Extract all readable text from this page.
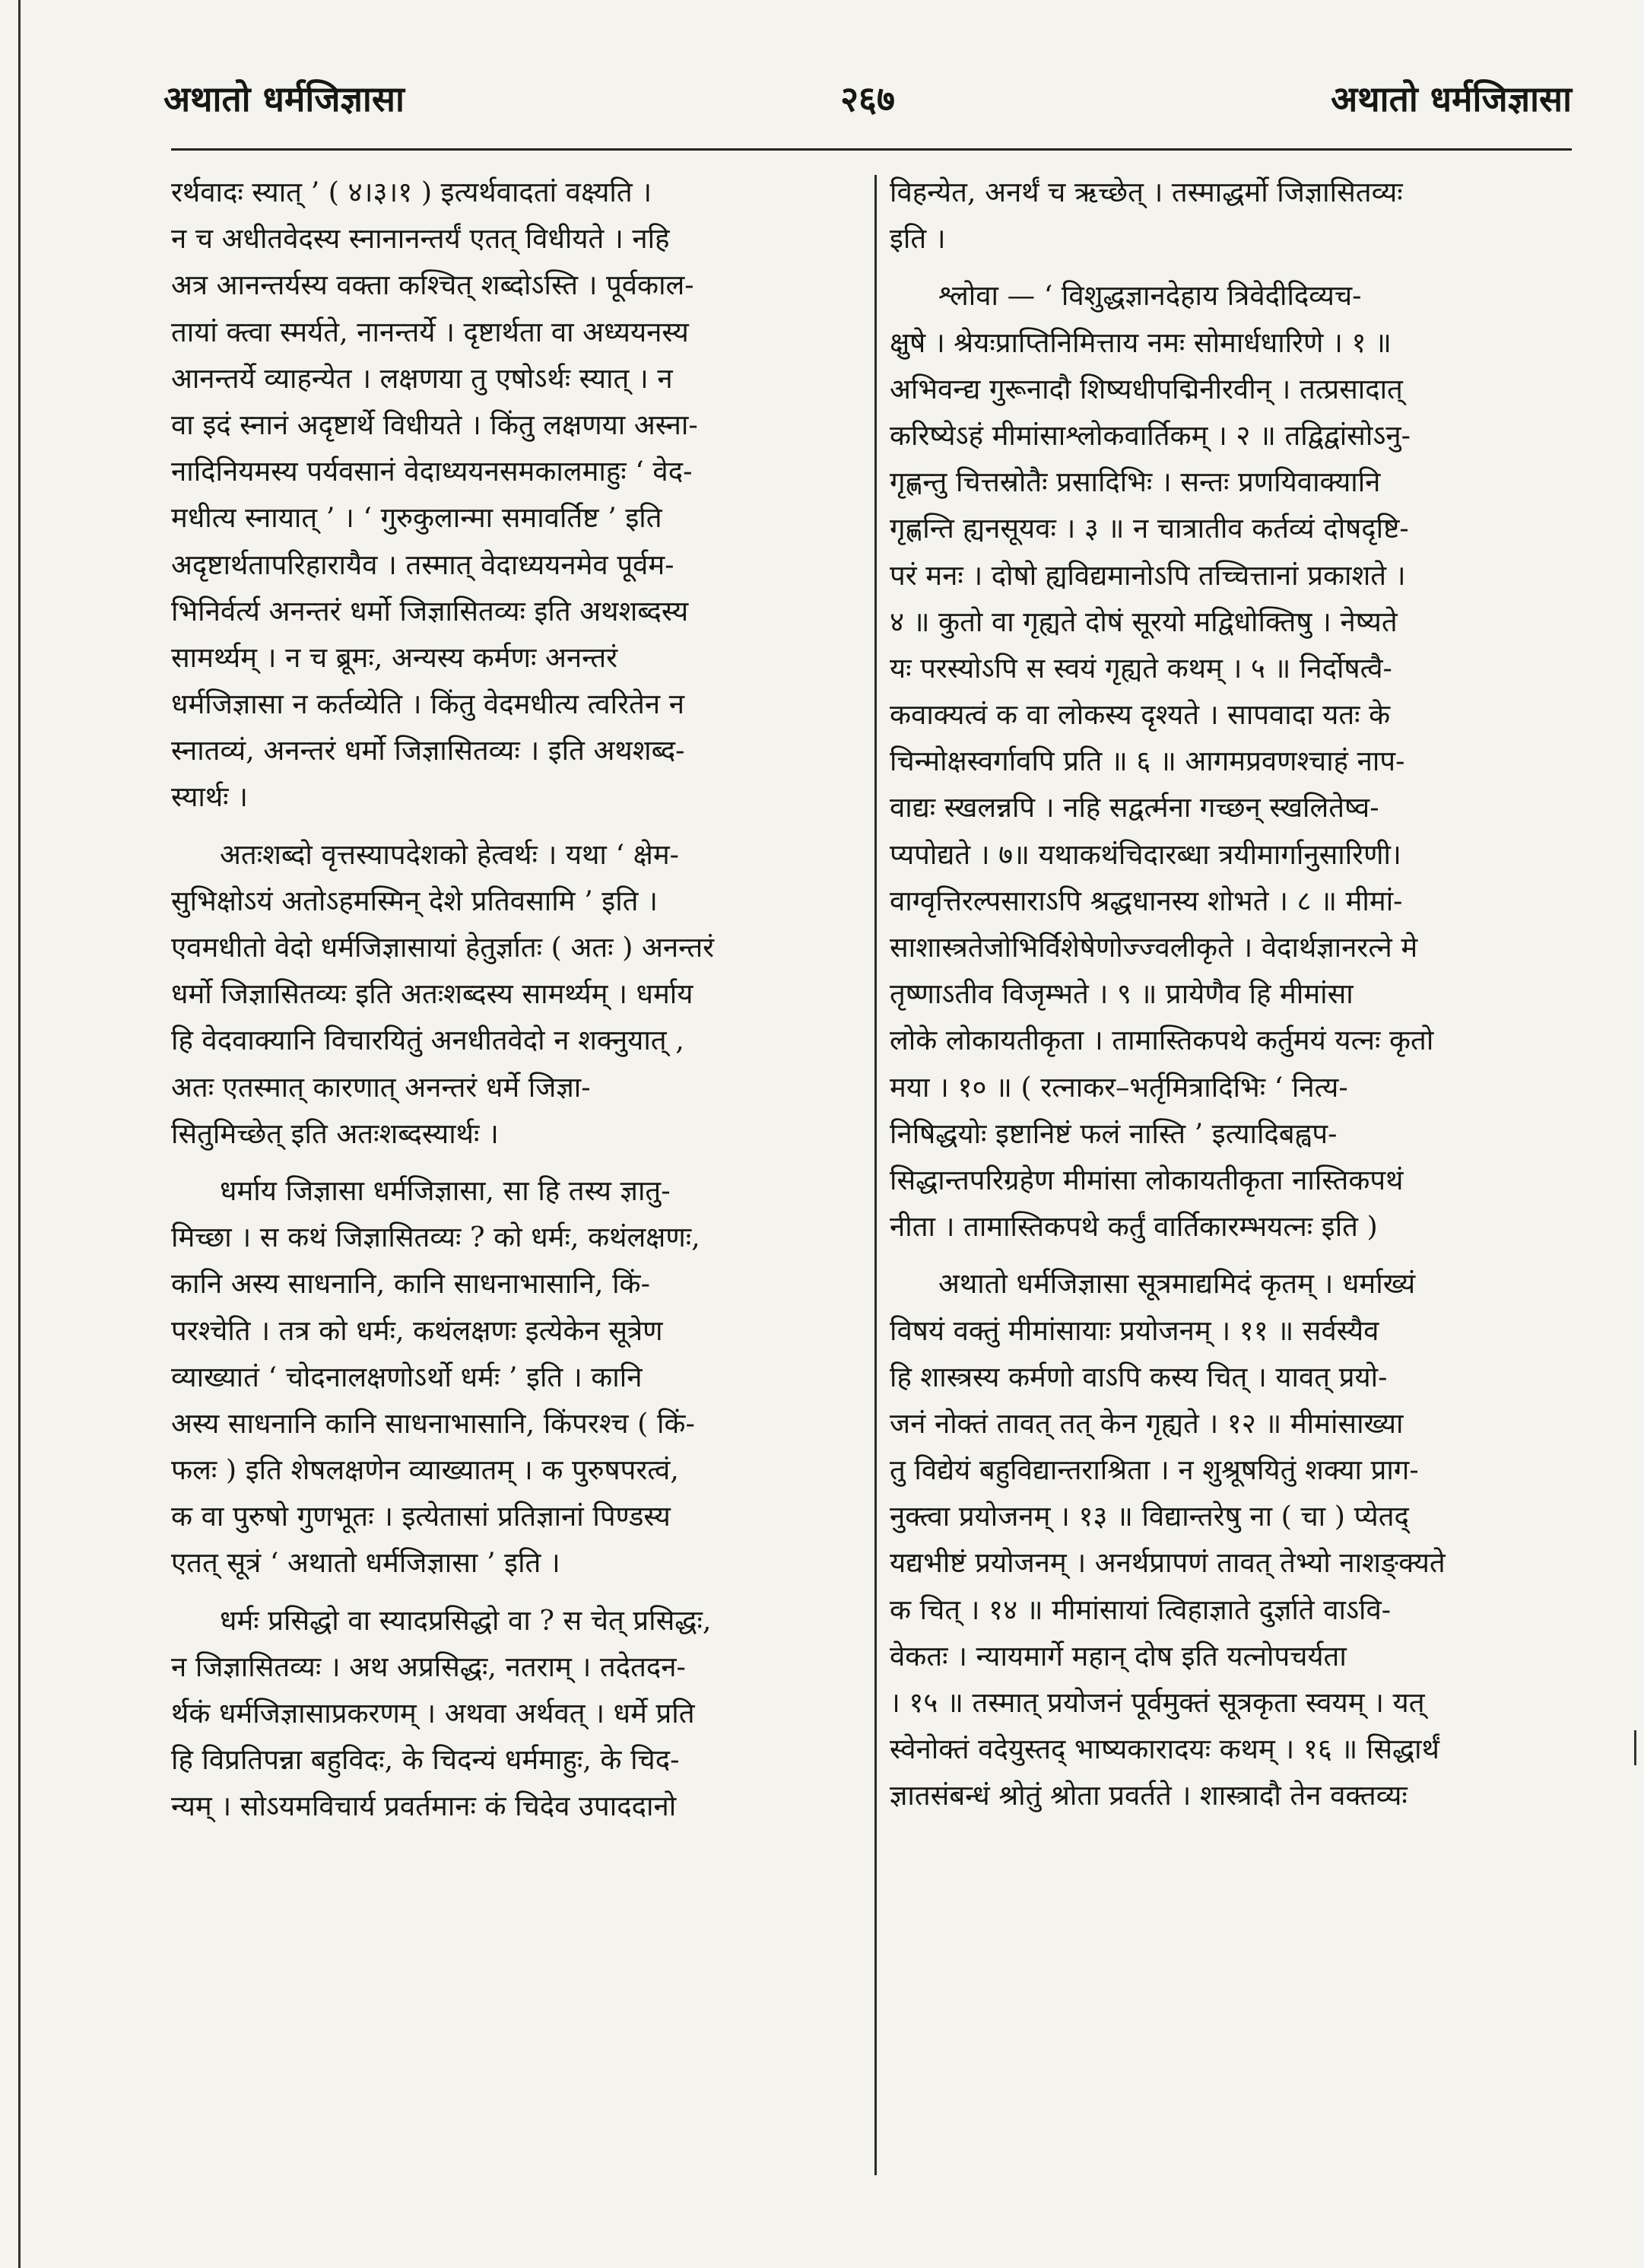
अथातो धर्मजिज्ञासा	२६७	अथातो धर्मजिज्ञासा
रर्थवादः स्यात् ’ ( ४।३।१ ) इत्यर्थवादतां वक्ष्यति ।
न च अधीतवेदस्य स्नानानन्तर्यं एतत् विधीयते । नहि
अत्र आनन्तर्यस्य वक्ता कश्चित् शब्दोऽस्ति । पूर्वकाल-
तायां क्त्वा स्मर्यते, नानन्तर्ये । दृष्टार्थता वा अध्ययनस्य
आनन्तर्ये व्याहन्येत । लक्षणया तु एषोऽर्थः स्यात् । न
वा इदं स्नानं अदृष्टार्थे विधीयते । किंतु लक्षणया अस्ना-
नादिनियमस्य पर्यवसानं वेदाध्ययनसमकालमाहुः ‘ वेद-
मधीत्य स्नायात् ’ । ‘ गुरुकुलान्मा समावर्तिष्ट ’ इति
अदृष्टार्थतापरिहारायैव । तस्मात् वेदाध्ययनमेव पूर्वम-
भिनिर्वर्त्य अनन्तरं धर्मो जिज्ञासितव्यः इति अथशब्दस्य
सामर्थ्यम् । न च ब्रूमः, अन्यस्य कर्मणः अनन्तरं
धर्मजिज्ञासा न कर्तव्येति । किंतु वेदमधीत्य त्वरितेन न
स्नातव्यं, अनन्तरं धर्मो जिज्ञासितव्यः । इति अथशब्द-
स्यार्थः ।
अतःशब्दो वृत्तस्यापदेशको हेत्वर्थः । यथा ‘ क्षेम-
सुभिक्षोऽयं अतोऽहमस्मिन् देशे प्रतिवसामि ’ इति ।
एवमधीतो वेदो धर्मजिज्ञासायां हेतुर्ज्ञातः ( अतः ) अनन्तरं
धर्मो जिज्ञासितव्यः इति अतःशब्दस्य सामर्थ्यम् । धर्माय
हि वेदवाक्यानि विचारयितुं अनधीतवेदो न शक्नुयात् ,
अतः एतस्मात् कारणात् अनन्तरं धर्मे जिज्ञा-
सितुमिच्छेत् इति अतःशब्दस्यार्थः ।
धर्माय जिज्ञासा धर्मजिज्ञासा, सा हि तस्य ज्ञातु-
मिच्छा । स कथं जिज्ञासितव्यः ? को धर्मः, कथंलक्षणः,
कानि अस्य साधनानि, कानि साधनाभासानि, किं-
परश्चेति । तत्र को धर्मः, कथंलक्षणः इत्येकेन सूत्रेण
व्याख्यातं ‘ चोदनालक्षणोऽर्थो धर्मः ’ इति । कानि
अस्य साधनानि कानि साधनाभासानि, किंपरश्च ( किं-
फलः ) इति शेषलक्षणेन व्याख्यातम् । क पुरुषपरत्वं,
क वा पुरुषो गुणभूतः । इत्येतासां प्रतिज्ञानां पिण्डस्य
एतत् सूत्रं ‘ अथातो धर्मजिज्ञासा ’ इति ।
धर्मः प्रसिद्धो वा स्यादप्रसिद्धो वा ? स चेत् प्रसिद्धः,
न जिज्ञासितव्यः । अथ अप्रसिद्धः, नतराम् । तदेतदन-
र्थकं धर्मजिज्ञासाप्रकरणम् । अथवा अर्थवत् । धर्मे प्रति
हि विप्रतिपन्ना बहुविदः, के चिदन्यं धर्ममाहुः, के चिद-
न्यम् । सोऽयमविचार्य प्रवर्तमानः कं चिदेव उपाददानो
विहन्येत, अनर्थं च ऋच्छेत् । तस्माद्धर्मो जिज्ञासितव्यः
इति ।
श्लोवा — ‘ विशुद्धज्ञानदेहाय त्रिवेदीदिव्यच-
क्षुषे । श्रेयःप्राप्तिनिमित्ताय नमः सोमार्धधारिणे । १ ॥
अभिवन्द्य गुरूनादौ शिष्यधीपद्मिनीरवीन् । तत्प्रसादात्
करिष्येऽहं मीमांसाश्लोकवार्तिकम् । २ ॥ तद्विद्वांसोऽनु-
गृह्णन्तु चित्तस्रोतैः प्रसादिभिः । सन्तः प्रणयिवाक्यानि
गृह्णन्ति ह्यनसूयवः । ३ ॥ न चात्रातीव कर्तव्यं दोषदृष्टि-
परं मनः । दोषो ह्यविद्यमानोऽपि तच्चित्तानां प्रकाशते ।
४ ॥ कुतो वा गृह्यते दोषं सूरयो मद्विधोक्तिषु । नेष्यते
यः परस्योऽपि स स्वयं गृह्यते कथम् । ५ ॥ निर्दोषत्वै-
कवाक्यत्वं क वा लोकस्य दृश्यते । सापवादा यतः के
चिन्मोक्षस्वर्गावपि प्रति ॥ ६ ॥ आगमप्रवणश्चाहं नाप-
वाद्यः स्खलन्नपि । नहि सद्वर्त्मना गच्छन् स्खलितेष्व-
प्यपोद्यते । ७॥ यथाकथंचिदारब्धा त्रयीमार्गानुसारिणी।
वाग्वृत्तिरल्पसाराऽपि श्रद्धधानस्य शोभते । ८ ॥ मीमां-
साशास्त्रतेजोभिर्विशेषेणोज्ज्वलीकृते । वेदार्थज्ञानरत्ने मे
तृष्णाऽतीव विजृम्भते । ९ ॥ प्रायेणैव हि मीमांसा
लोके लोकायतीकृता । तामास्तिकपथे कर्तुमयं यत्नः कृतो
मया । १० ॥ ( रत्नाकर–भर्तृमित्रादिभिः ‘ नित्य-
निषिद्धयोः इष्टानिष्टं फलं नास्ति ’ इत्यादिबह्वप-
सिद्धान्तपरिग्रहेण मीमांसा लोकायतीकृता नास्तिकपथं
नीता । तामास्तिकपथे कर्तुं वार्तिकारम्भयत्नः इति )
अथातो धर्मजिज्ञासा सूत्रमाद्यमिदं कृतम् । धर्माख्यं
विषयं वक्तुं मीमांसायाः प्रयोजनम् । ११ ॥ सर्वस्यैव
हि शास्त्रस्य कर्मणो वाऽपि कस्य चित् । यावत् प्रयो-
जनं नोक्तं तावत् तत् केन गृह्यते । १२ ॥ मीमांसाख्या
तु विद्येयं बहुविद्यान्तराश्रिता । न शुश्रूषयितुं शक्या प्राग-
नुक्त्वा प्रयोजनम् । १३ ॥ विद्यान्तरेषु ना ( चा ) प्येतद्
यद्यभीष्टं प्रयोजनम् । अनर्थप्रापणं तावत् तेभ्यो नाशङ्क्यते
क चित् । १४ ॥ मीमांसायां त्विहाज्ञाते दुर्ज्ञाते वाऽवि-
वेकतः । न्यायमार्गे महान् दोष इति यत्नोपचर्यता
। १५ ॥ तस्मात् प्रयोजनं पूर्वमुक्तं सूत्रकृता स्वयम् । यत्
स्वेनोक्तं वदेयुस्तद् भाष्यकारादयः कथम् । १६ ॥ सिद्धार्थं
ज्ञातसंबन्धं श्रोतुं श्रोता प्रवर्तते । शास्त्रादौ तेन वक्तव्यः
